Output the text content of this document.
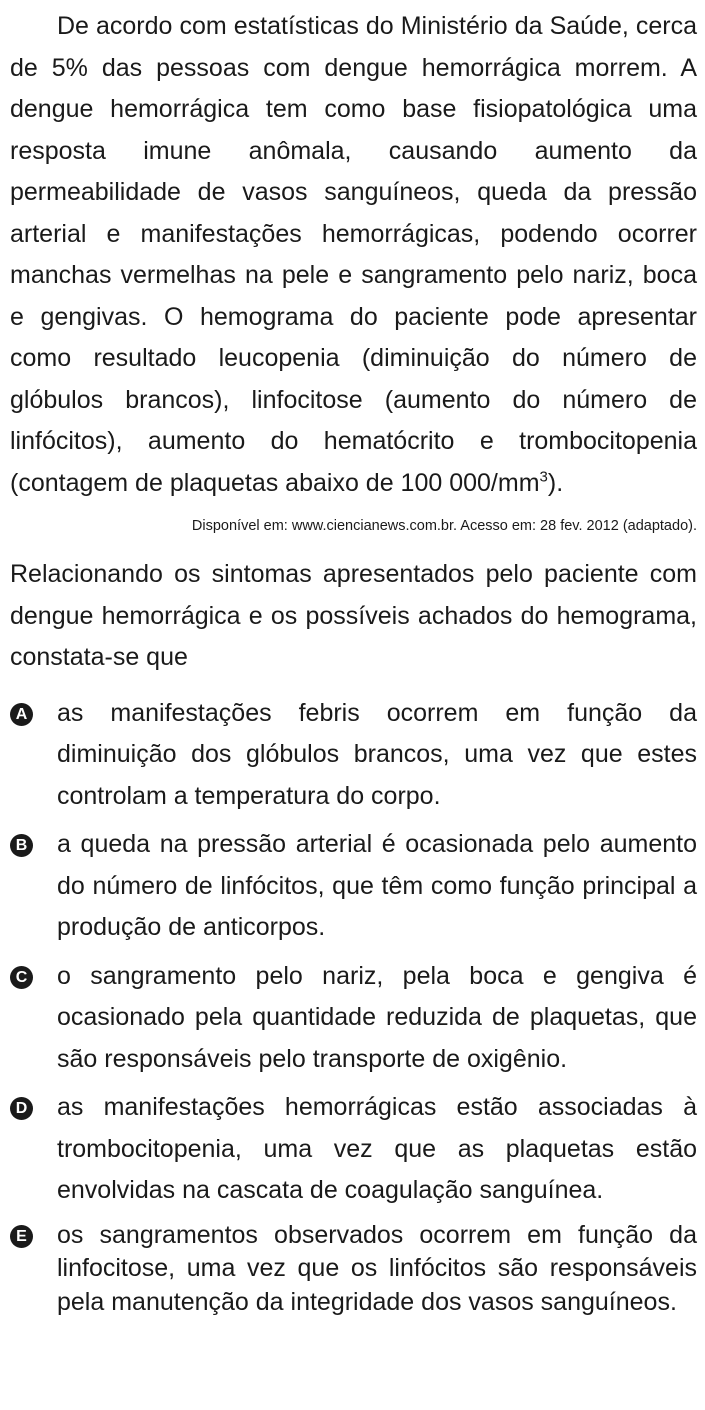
De acordo com estatísticas do Ministério da Saúde, cerca de 5% das pessoas com dengue hemorrágica morrem. A dengue hemorrágica tem como base fisiopatológica uma resposta imune anômala, causando aumento da permeabilidade de vasos sanguíneos, queda da pressão arterial e manifestações hemorrágicas, podendo ocorrer manchas vermelhas na pele e sangramento pelo nariz, boca e gengivas. O hemograma do paciente pode apresentar como resultado leucopenia (diminuição do número de glóbulos brancos), linfocitose (aumento do número de linfócitos), aumento do hematócrito e trombocitopenia (contagem de plaquetas abaixo de 100 $000/mm^3$).

Disponível em: www.ciencianews.com.br. Acesso em: 28 fev. 2012 (adaptado).

Relacionando os sintomas apresentados pelo paciente com dengue hemorrágica e os possíveis achados do hemograma, constata-se que

A as manifestações febris ocorrem em função da diminuição dos glóbulos brancos, uma vez que estes controlam a temperatura do corpo.

B a queda na pressão arterial é ocasionada pelo aumento do número de linfócitos, que têm como função principal a produção de anticorpos.

C o sangramento pelo nariz, pela boca e gengiva é ocasionado pela quantidade reduzida de plaquetas, que são responsáveis pelo transporte de oxigênio.

D as manifestações hemorrágicas estão associadas à trombocitopenia, uma vez que as plaquetas estão envolvidas na cascata de coagulação sanguínea.

E os sangramentos observados ocorrem em função da linfocitose, uma vez que os linfócitos são responsáveis pela manutenção da integridade dos vasos sanguíneos.
